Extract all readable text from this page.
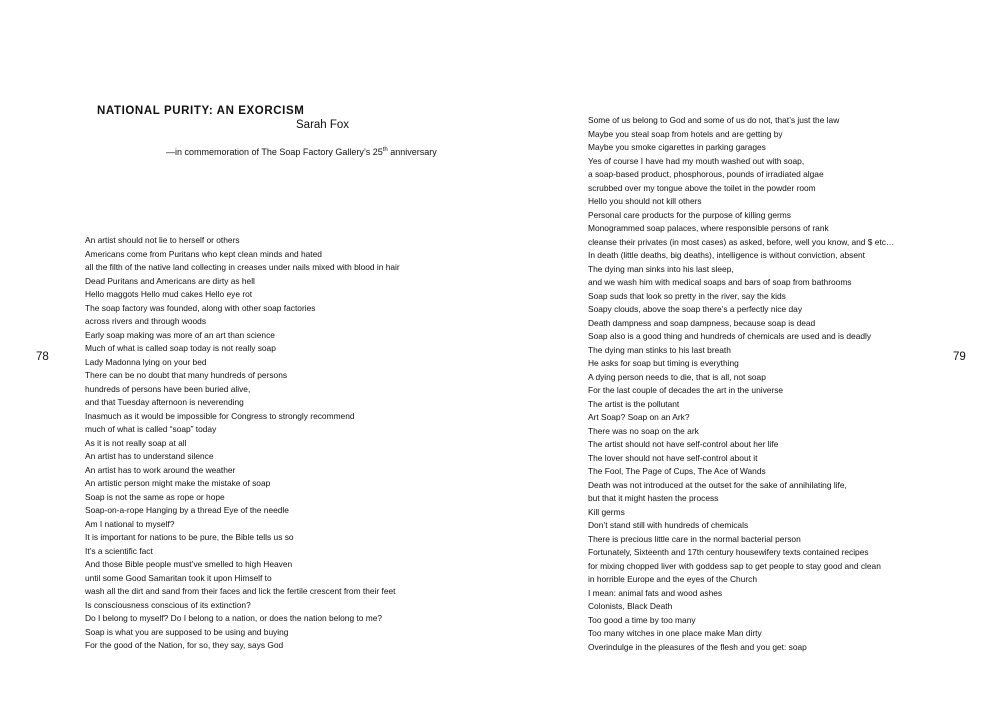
NATIONAL PURITY: AN EXORCISM
Sarah Fox
—in commemoration of The Soap Factory Gallery’s 25th anniversary
An artist should not lie to herself or others
Americans come from Puritans who kept clean minds and hated
all the filth of the native land collecting in creases under nails mixed with blood in hair
Dead Puritans and Americans are dirty as hell
Hello maggots Hello mud cakes Hello eye rot
The soap factory was founded, along with other soap factories
across rivers and through woods
Early soap making was more of an art than science
Much of what is called soap today is not really soap
Lady Madonna lying on your bed
There can be no doubt that many hundreds of persons
hundreds of persons have been buried alive,
and that Tuesday afternoon is neverending
Inasmuch as it would be impossible for Congress to strongly recommend
much of what is called “soap” today
As it is not really soap at all
An artist has to understand silence
An artist has to work around the weather
An artistic person might make the mistake of soap
Soap is not the same as rope or hope
Soap-on-a-rope Hanging by a thread Eye of the needle
Am I national to myself?
It is important for nations to be pure, the Bible tells us so
It’s a scientific fact
And those Bible people must’ve smelled to high Heaven
until some Good Samaritan took it upon Himself to
wash all the dirt and sand from their faces and lick the fertile crescent from their feet
Is consciousness conscious of its extinction?
Do I belong to myself? Do I belong to a nation, or does the nation belong to me?
Soap is what you are supposed to be using and buying
For the good of the Nation, for so, they say, says God
78
Some of us belong to God and some of us do not, that’s just the law
Maybe you steal soap from hotels and are getting by
Maybe you smoke cigarettes in parking garages
Yes of course I have had my mouth washed out with soap,
a soap-based product, phosphorous, pounds of irradiated algae
scrubbed over my tongue above the toilet in the powder room
Hello you should not kill others
Personal care products for the purpose of killing germs
Monogrammed soap palaces, where responsible persons of rank
cleanse their privates (in most cases) as asked, before, well you know, and $ etc…
In death (little deaths, big deaths), intelligence is without conviction, absent
The dying man sinks into his last sleep,
and we wash him with medical soaps and bars of soap from bathrooms
Soap suds that look so pretty in the river, say the kids
Soapy clouds, above the soap there’s a perfectly nice day
Death dampness and soap dampness, because soap is dead
Soap also is a good thing and hundreds of chemicals are used and is deadly
The dying man stinks to his last breath
He asks for soap but timing is everything
A dying person needs to die, that is all, not soap
For the last couple of decades the art in the universe
The artist is the pollutant
Art Soap? Soap on an Ark?
There was no soap on the ark
The artist should not have self-control about her life
The lover should not have self-control about it
The Fool, The Page of Cups, The Ace of Wands
Death was not introduced at the outset for the sake of annihilating life,
but that it might hasten the process
Kill germs
Don’t stand still with hundreds of chemicals
There is precious little care in the normal bacterial person
Fortunately, Sixteenth and 17th century housewifery texts contained recipes
for mixing chopped liver with goddess sap to get people to stay good and clean
in horrible Europe and the eyes of the Church
I mean: animal fats and wood ashes
Colonists, Black Death
Too good a time by too many
Too many witches in one place make Man dirty
Overindulge in the pleasures of the flesh and you get: soap
79
